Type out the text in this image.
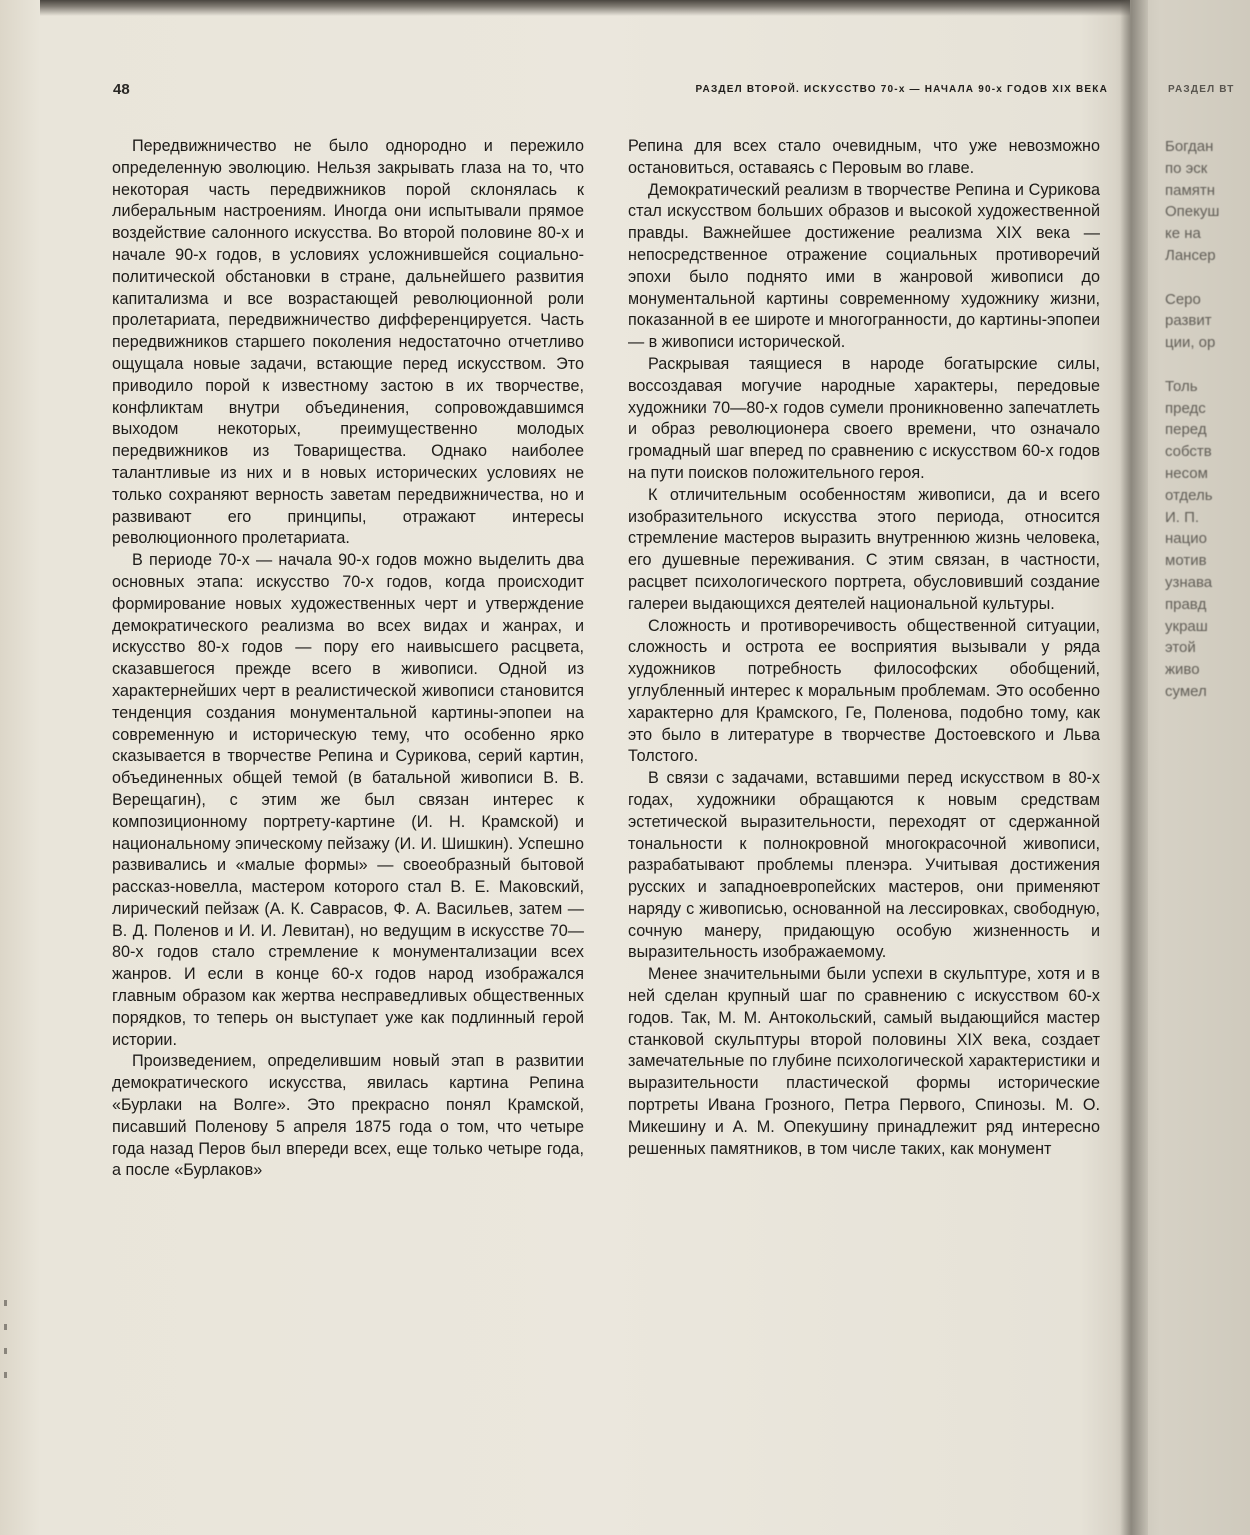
48	РАЗДЕЛ ВТОРОЙ. ИСКУССТВО 70-х — НАЧАЛА 90-х ГОДОВ XIX ВЕКА	РАЗДЕЛ ВТ

Передвижничество не было однородно и пережило определенную эволюцию. Нельзя закрывать глаза на то, что некоторая часть передвижников порой склонялась к либеральным настроениям. Иногда они испытывали прямое воздействие салонного искусства. Во второй половине 80-х и начале 90-х годов, в условиях усложнившейся социально-политической обстановки в стране, дальнейшего развития капитализма и все возрастающей революционной роли пролетариата, передвижничество дифференцируется. Часть передвижников старшего поколения недостаточно отчетливо ощущала новые задачи, встающие перед искусством. Это приводило порой к известному застою в их творчестве, конфликтам внутри объединения, сопровождавшимся выходом некоторых, преимущественно молодых передвижников из Товарищества. Однако наиболее талантливые из них и в новых исторических условиях не только сохраняют верность заветам передвижничества, но и развивают его принципы, отражают интересы революционного пролетариата.

В периоде 70-х — начала 90-х годов можно выделить два основных этапа: искусство 70-х годов, когда происходит формирование новых художественных черт и утверждение демократического реализма во всех видах и жанрах, и искусство 80-х годов — пору его наивысшего расцвета, сказавшегося прежде всего в живописи. Одной из характернейших черт в реалистической живописи становится тенденция создания монументальной картины-эпопеи на современную и историческую тему, что особенно ярко сказывается в творчестве Репина и Сурикова, серий картин, объединенных общей темой (в батальной живописи В. В. Верещагин), с этим же был связан интерес к композиционному портрету-картине (И. Н. Крамской) и национальному эпическому пейзажу (И. И. Шишкин). Успешно развивались и «малые формы» — своеобразный бытовой рассказ-новелла, мастером которого стал В. Е. Маковский, лирический пейзаж (А. К. Саврасов, Ф. А. Васильев, затем — В. Д. Поленов и И. И. Левитан), но ведущим в искусстве 70—80-х годов стало стремление к монументализации всех жанров. И если в конце 60-х годов народ изображался главным образом как жертва несправедливых общественных порядков, то теперь он выступает уже как подлинный герой истории.

Произведением, определившим новый этап в развитии демократического искусства, явилась картина Репина «Бурлаки на Волге». Это прекрасно понял Крамской, писавший Поленову 5 апреля 1875 года о том, что четыре года назад Перов был впереди всех, еще только четыре года, а после «Бурлаков»

Репина для всех стало очевидным, что уже невозможно остановиться, оставаясь с Перовым во главе.

Демократический реализм в творчестве Репина и Сурикова стал искусством больших образов и высокой художественной правды. Важнейшее достижение реализма XIX века — непосредственное отражение социальных противоречий эпохи было поднято ими в жанровой живописи до монументальной картины современному художнику жизни, показанной в ее широте и многогранности, до картины-эпопеи — в живописи исторической.

Раскрывая таящиеся в народе богатырские силы, воссоздавая могучие народные характеры, передовые художники 70—80-х годов сумели проникновенно запечатлеть и образ революционера своего времени, что означало громадный шаг вперед по сравнению с искусством 60-х годов на пути поисков положительного героя.

К отличительным особенностям живописи, да и всего изобразительного искусства этого периода, относится стремление мастеров выразить внутреннюю жизнь человека, его душевные переживания. С этим связан, в частности, расцвет психологического портрета, обусловивший создание галереи выдающихся деятелей национальной культуры.

Сложность и противоречивость общественной ситуации, сложность и острота ее восприятия вызывали у ряда художников потребность философских обобщений, углубленный интерес к моральным проблемам. Это особенно характерно для Крамского, Ге, Поленова, подобно тому, как это было в литературе в творчестве Достоевского и Льва Толстого.

В связи с задачами, вставшими перед искусством в 80-х годах, художники обращаются к новым средствам эстетической выразительности, переходят от сдержанной тональности к полнокровной многокрасочной живописи, разрабатывают проблемы пленэра. Учитывая достижения русских и западноевропейских мастеров, они применяют наряду с живописью, основанной на лессировках, свободную, сочную манеру, придающую особую жизненность и выразительность изображаемому.

Менее значительными были успехи в скульптуре, хотя и в ней сделан крупный шаг по сравнению с искусством 60-х годов. Так, М. М. Антокольский, самый выдающийся мастер станковой скульптуры второй половины XIX века, создает замечательные по глубине психологической характеристики и выразительности пластической формы исторические портреты Ивана Грозного, Петра Первого, Спинозы. М. О. Микешину и А. М. Опекушину принадлежит ряд интересно решенных памятников, в том числе таких, как монумент

Богдан
по эск
памятн
Опекуш
ке на
Лансер
Серо
развит
ции, ор
Толь
предс
перед
собств
несом
отдель
И. П.
нацио
мотив
узнава
правд
украш
этой
живо
сумел
